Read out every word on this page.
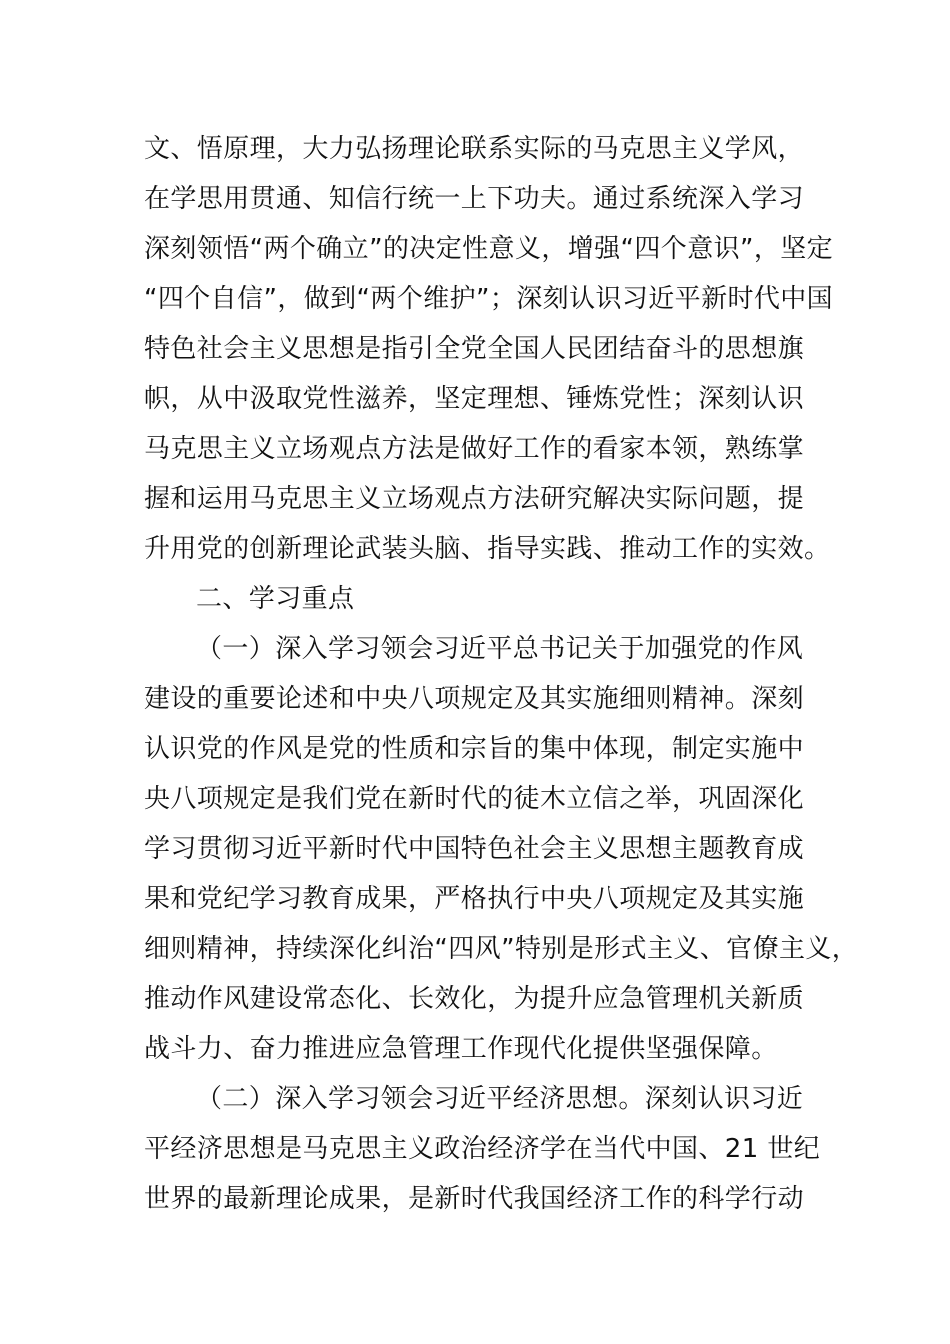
文、悟原理，大力弘扬理论联系实际的马克思主义学风，
在学思用贯通、知信行统一上下功夫。通过系统深入学习
深刻领悟“两个确立”的决定性意义，增强“四个意识”，坚定
“四个自信”，做到“两个维护”；深刻认识习近平新时代中国
特色社会主义思想是指引全党全国人民团结奋斗的思想旗
帜，从中汲取党性滋养，坚定理想、锤炼党性；深刻认识
马克思主义立场观点方法是做好工作的看家本领，熟练掌
握和运用马克思主义立场观点方法研究解决实际问题，提
升用党的创新理论武装头脑、指导实践、推动工作的实效。
二、学习重点
（一）深入学习领会习近平总书记关于加强党的作风
建设的重要论述和中央八项规定及其实施细则精神。深刻
认识党的作风是党的性质和宗旨的集中体现，制定实施中
央八项规定是我们党在新时代的徒木立信之举，巩固深化
学习贯彻习近平新时代中国特色社会主义思想主题教育成
果和党纪学习教育成果，严格执行中央八项规定及其实施
细则精神，持续深化纠治“四风”特别是形式主义、官僚主义，
推动作风建设常态化、长效化，为提升应急管理机关新质
战斗力、奋力推进应急管理工作现代化提供坚强保障。
（二）深入学习领会习近平经济思想。深刻认识习近
平经济思想是马克思主义政治经济学在当代中国、21 世纪
世界的最新理论成果，是新时代我国经济工作的科学行动
